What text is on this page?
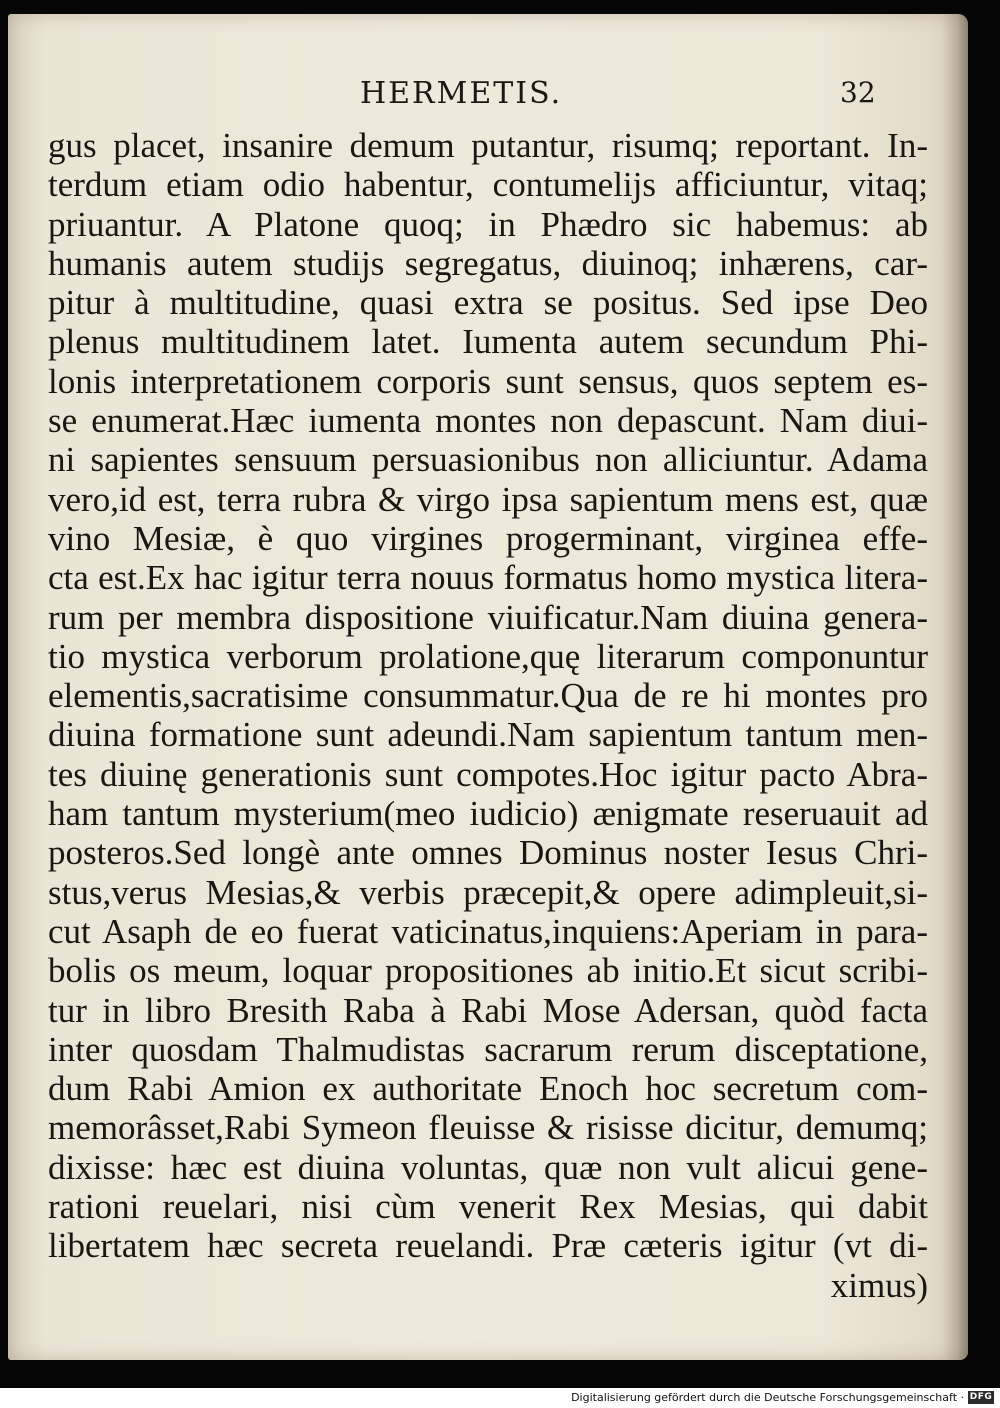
HERMETIS.	32
gus placet, insanire demum putantur, risumq; reportant. In-
terdum etiam odio habentur, contumelijs afficiuntur, vitaq;
priuantur. A Platone quoq; in Phædro sic habemus: ab
humanis autem studijs segregatus, diuinoq; inhærens, car-
pitur à multitudine, quasi extra se positus. Sed ipse Deo
plenus multitudinem latet. Iumenta autem secundum Phi-
lonis interpretationem corporis sunt sensus, quos septem es-
se enumerat.Hæc iumenta montes non depascunt. Nam diui-
ni sapientes sensuum persuasionibus non alliciuntur. Adama
vero,id est, terra rubra & virgo ipsa sapientum mens est, quæ
vino Mesiæ, è quo virgines progerminant, virginea effe-
cta est.Ex hac igitur terra nouus formatus homo mystica litera-
rum per membra dispositione viuificatur.Nam diuina genera-
tio mystica verborum prolatione,quę literarum componuntur
elementis,sacratisime consummatur.Qua de re hi montes pro
diuina formatione sunt adeundi.Nam sapientum tantum men-
tes diuinę generationis sunt compotes.Hoc igitur pacto Abra-
ham tantum mysterium(meo iudicio) ænigmate reseruauit ad
posteros.Sed longè ante omnes Dominus noster Iesus Chri-
stus,verus Mesias,& verbis præcepit,& opere adimpleuit,si-
cut Asaph de eo fuerat vaticinatus,inquiens:Aperiam in para-
bolis os meum, loquar propositiones ab initio.Et sicut scribi-
tur in libro Bresith Raba à Rabi Mose Adersan, quòd facta
inter quosdam Thalmudistas sacrarum rerum disceptatione,
dum Rabi Amion ex authoritate Enoch hoc secretum com-
memorâsset,Rabi Symeon fleuisse & risisse dicitur, demumq;
dixisse: hæc est diuina voluntas, quæ non vult alicui gene-
rationi reuelari, nisi cùm venerit Rex Mesias, qui dabit
libertatem hæc secreta reuelandi. Præ cæteris igitur (vt di-
ximus)
Digitalisierung gefördert durch die Deutsche Forschungsgemeinschaft · DFG
